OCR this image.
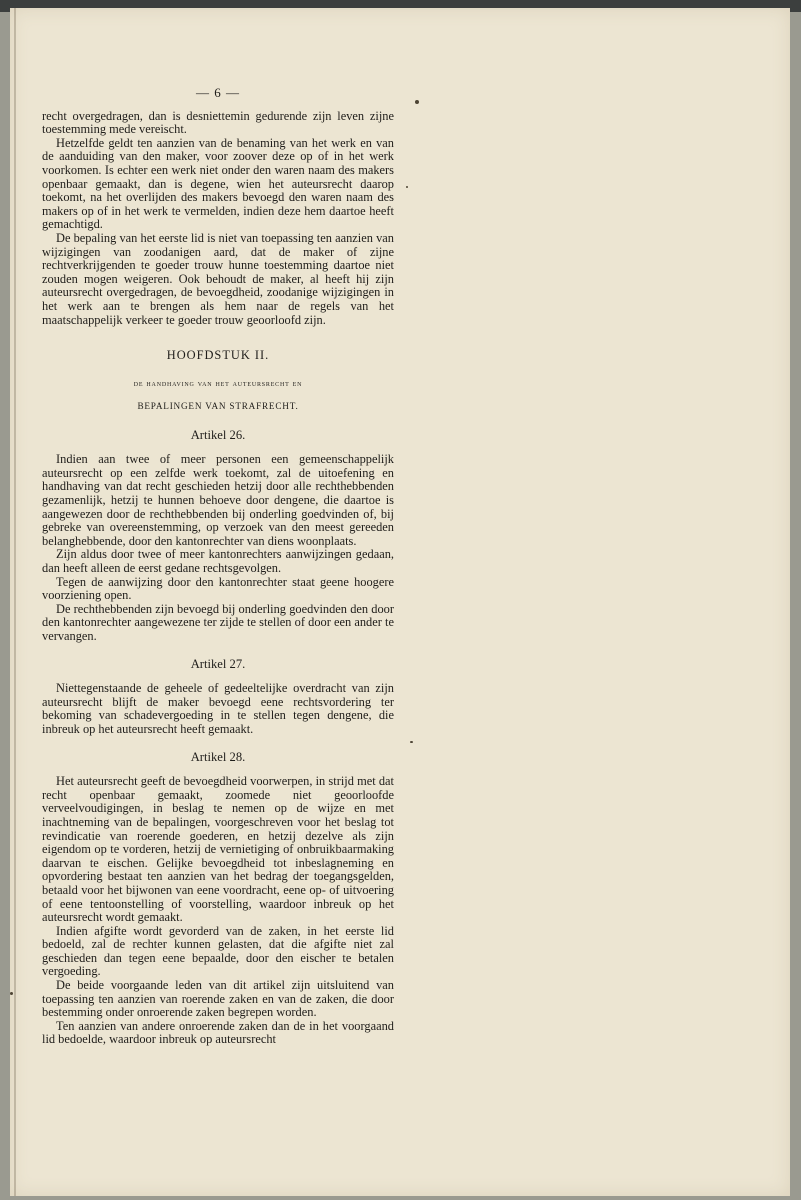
— 6 —
recht overgedragen, dan is desniettemin gedurende zijn leven zijne toestemming mede vereischt.
Hetzelfde geldt ten aanzien van de benaming van het werk en van de aanduiding van den maker, voor zoover deze op of in het werk voorkomen. Is echter een werk niet onder den waren naam des makers openbaar gemaakt, dan is degene, wien het auteursrecht daarop toekomt, na het overlijden des makers bevoegd den waren naam des makers op of in het werk te vermelden, indien deze hem daartoe heeft gemachtigd.
De bepaling van het eerste lid is niet van toepassing ten aanzien van wijzigingen van zoodanigen aard, dat de maker of zijne rechtverkrijgenden te goeder trouw hunne toestemming daartoe niet zouden mogen weigeren. Ook behoudt de maker, al heeft hij zijn auteursrecht overgedragen, de bevoegdheid, zoodanige wijzigingen in het werk aan te brengen als hem naar de regels van het maatschappelijk verkeer te goeder trouw geoorloofd zijn.
HOOFDSTUK II.
de handhaving van het auteursrecht en
BEPALINGEN VAN STRAFRECHT.
Artikel 26.
Indien aan twee of meer personen een gemeenschappelijk auteursrecht op een zelfde werk toekomt, zal de uitoefening en handhaving van dat recht geschieden hetzij door alle rechthebbenden gezamenlijk, hetzij te hunnen behoeve door dengene, die daartoe is aangewezen door de rechthebbenden bij onderling goedvinden of, bij gebreke van overeenstemming, op verzoek van den meest gereeden belanghebbende, door den kantonrechter van diens woonplaats.
Zijn aldus door twee of meer kantonrechters aanwijzingen gedaan, dan heeft alleen de eerst gedane rechtsgevolgen.
Tegen de aanwijzing door den kantonrechter staat geene hoogere voorziening open.
De rechthebbenden zijn bevoegd bij onderling goedvinden den door den kantonrechter aangewezene ter zijde te stellen of door een ander te vervangen.
Artikel 27.
Niettegenstaande de geheele of gedeeltelijke overdracht van zijn auteursrecht blijft de maker bevoegd eene rechtsvordering ter bekoming van schadevergoeding in te stellen tegen dengene, die inbreuk op het auteursrecht heeft gemaakt.
Artikel 28.
Het auteursrecht geeft de bevoegdheid voorwerpen, in strijd met dat recht openbaar gemaakt, zoomede niet geoorloofde verveelvoudigingen, in beslag te nemen op de wijze en met inachtneming van de bepalingen, voorgeschreven voor het beslag tot revindicatie van roerende goederen, en hetzij dezelve als zijn eigendom op te vorderen, hetzij de vernietiging of onbruikbaarmaking daarvan te eischen. Gelijke bevoegdheid tot inbeslagneming en opvordering bestaat ten aanzien van het bedrag der toegangsgelden, betaald voor het bijwonen van eene voordracht, eene op- of uitvoering of eene tentoonstelling of voorstelling, waardoor inbreuk op het auteursrecht wordt gemaakt.
Indien afgifte wordt gevorderd van de zaken, in het eerste lid bedoeld, zal de rechter kunnen gelasten, dat die afgifte niet zal geschieden dan tegen eene bepaalde, door den eischer te betalen vergoeding.
De beide voorgaande leden van dit artikel zijn uitsluitend van toepassing ten aanzien van roerende zaken en van de zaken, die door bestemming onder onroerende zaken begrepen worden.
Ten aanzien van andere onroerende zaken dan de in het voorgaand lid bedoelde, waardoor inbreuk op auteursrecht
